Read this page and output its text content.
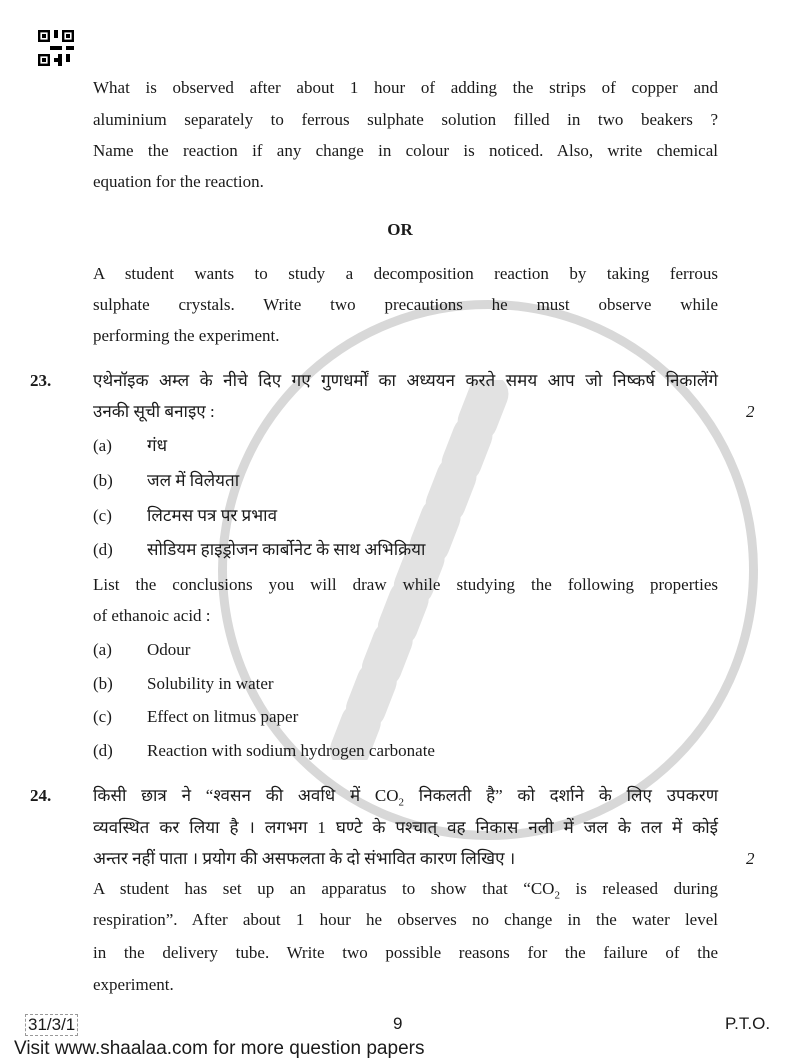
What is observed after about 1 hour of adding the strips of copper and
aluminium separately to ferrous sulphate solution filled in two beakers ?
Name the reaction if any change in colour is noticed. Also, write chemical
equation for the reaction.
OR
A student wants to study a decomposition reaction by taking ferrous
sulphate crystals. Write two precautions he must observe while
performing the experiment.
23. एथेनॉइक अम्ल के नीचे दिए गए गुणधर्मों का अध्ययन करते समय आप जो निष्कर्ष निकालेंगे
उनकी सूची बनाइए :	2
(a) गंध
(b) जल में विलेयता
(c) लिटमस पत्र पर प्रभाव
(d) सोडियम हाइड्रोजन कार्बोनेट के साथ अभिक्रिया
List the conclusions you will draw while studying the following properties
of ethanoic acid :
(a) Odour
(b) Solubility in water
(c) Effect on litmus paper
(d) Reaction with sodium hydrogen carbonate
24. किसी छात्र ने “श्वसन की अवधि में $CO_2$ निकलती है” को दर्शाने के लिए उपकरण
व्यवस्थित कर लिया है । लगभग 1 घण्टे के पश्चात् वह निकास नली में जल के तल में कोई
अन्तर नहीं पाता । प्रयोग की असफलता के दो संभावित कारण लिखिए ।	2
A student has set up an apparatus to show that “$CO_2$ is released during
respiration”. After about 1 hour he observes no change in the water level
in the delivery tube. Write two possible reasons for the failure of the
experiment.
31/3/1	9	P.T.O.
Visit www.shaalaa.com for more question papers
